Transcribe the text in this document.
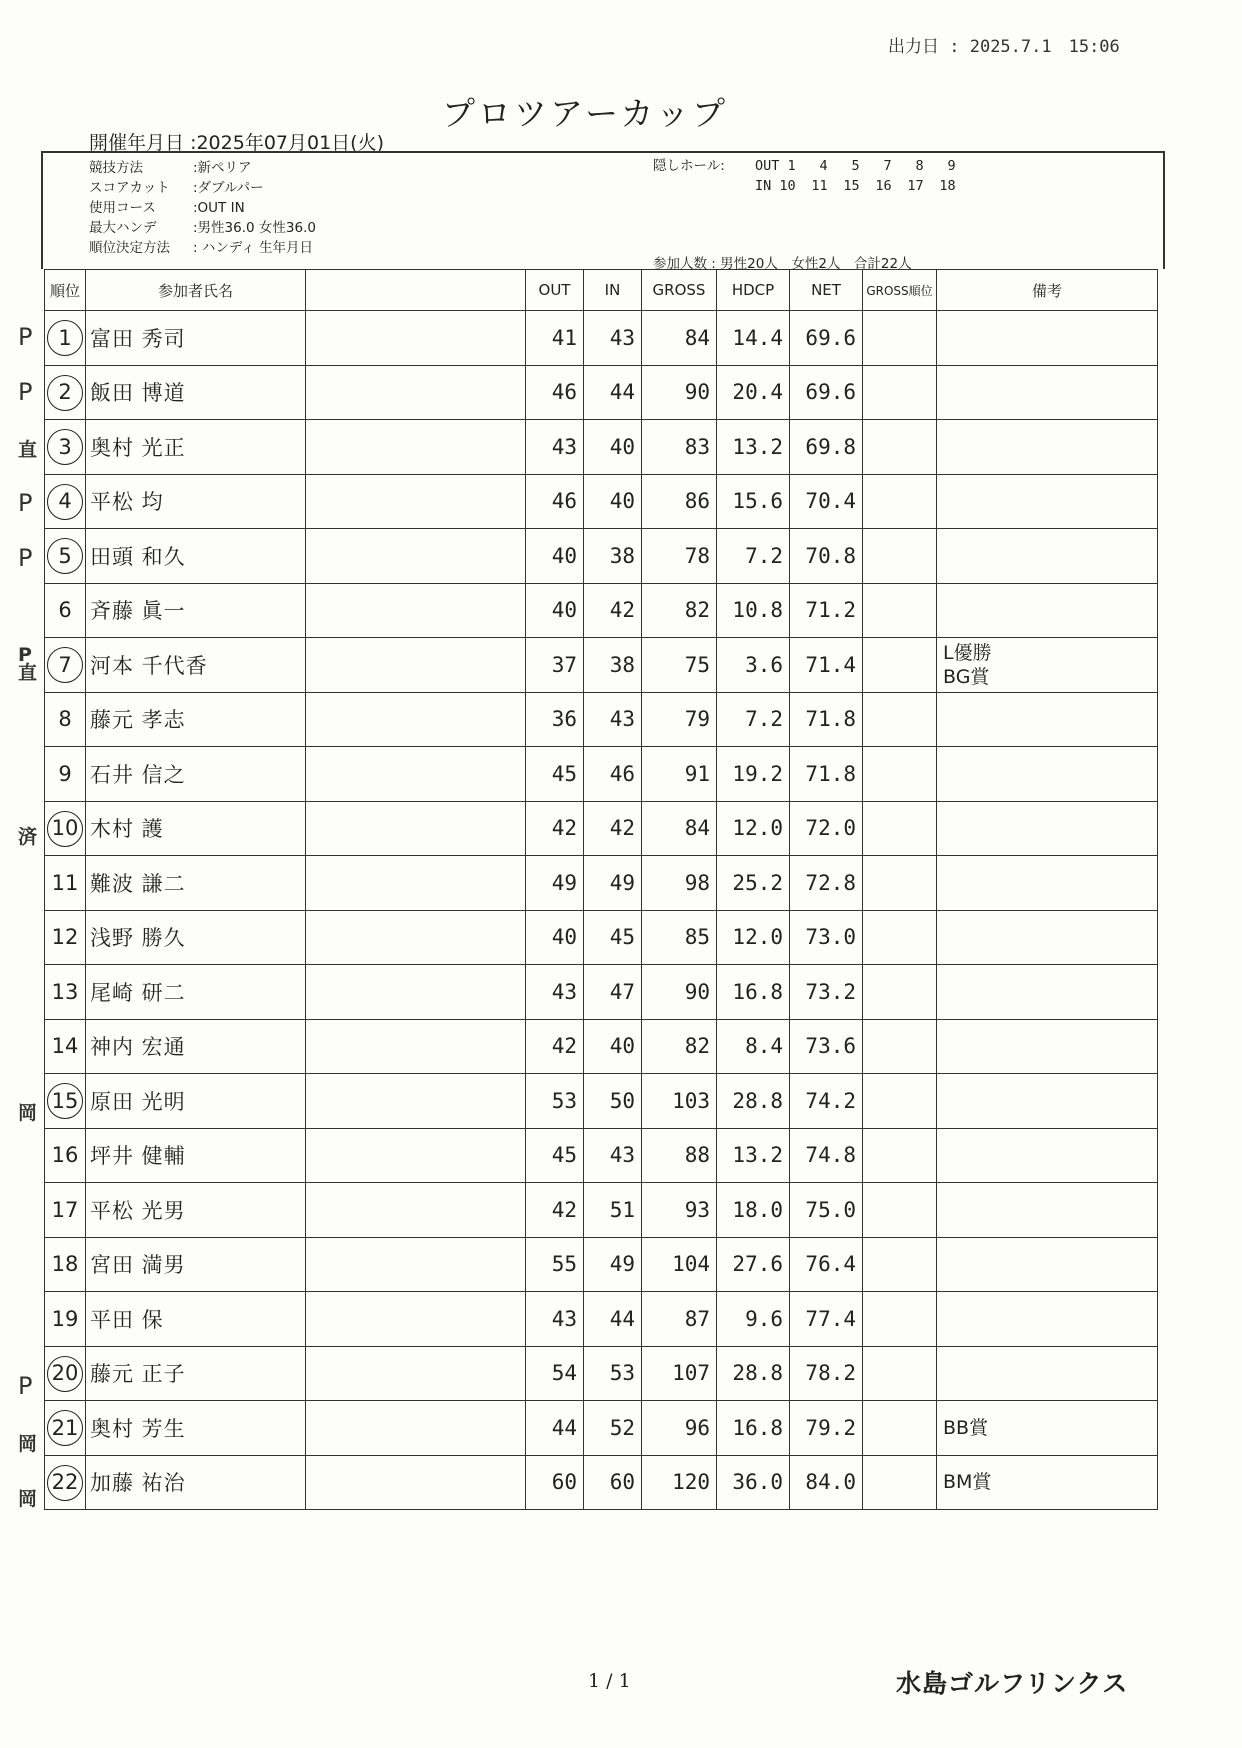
出力日 : 2025.7.1　15:06
プロツアーカップ
開催年月日 :2025年07月01日(火)
競技方法	:新ペリア
スコアカット :ダブルパー
使用コース	:OUT IN
最大ハンデ	:男性36.0 女性36.0
順位決定方法 : ハンディ 生年月日
隠しホール: OUT 1 4 5 7 8 9
IN 10 11 15 16 17 18
参加人数 : 男性20人　女性2人　合計22人
順位	参加者氏名		OUT	IN	GROSS	HDCP	NET	GROSS順位	備考

1	富田 秀司		41	43	84	14.4	69.6		

2	飯田 博道		46	44	90	20.4	69.6		

3	奥村 光正		43	40	83	13.2	69.8		

4	平松 均		46	40	86	15.6	70.4		

5	田頭 和久		40	38	78	7.2	70.8		
6	斉藤 眞一		40	42	82	10.8	71.2		

7	河本 千代香		37	38	75	3.6	71.4		L優勝
BG賞

8	藤元 孝志		36	43	79	7.2	71.8		
9	石井 信之		45	46	91	19.2	71.8		

10	木村 護		42	42	84	12.0	72.0		
11	難波 謙二		49	49	98	25.2	72.8		
12	浅野 勝久		40	45	85	12.0	73.0		
13	尾崎 研二		43	47	90	16.8	73.2		
14	神内 宏通		42	40	82	8.4	73.6		

15	原田 光明		53	50	103	28.8	74.2		
16	坪井 健輔		45	43	88	13.2	74.8		
17	平松 光男		42	51	93	18.0	75.0		
18	宮田 満男		55	49	104	27.6	76.4		
19	平田 保		43	44	87	9.6	77.4		

20	藤元 正子		54	53	107	28.8	78.2		

21	奥村 芳生		44	52	96	16.8	79.2		BB賞

22	加藤 祐治		60	60	120	36.0	84.0		BM賞
P
P
直
P
P
P
直
済
岡
P
岡
岡
1 / 1	水島ゴルフリンクス
